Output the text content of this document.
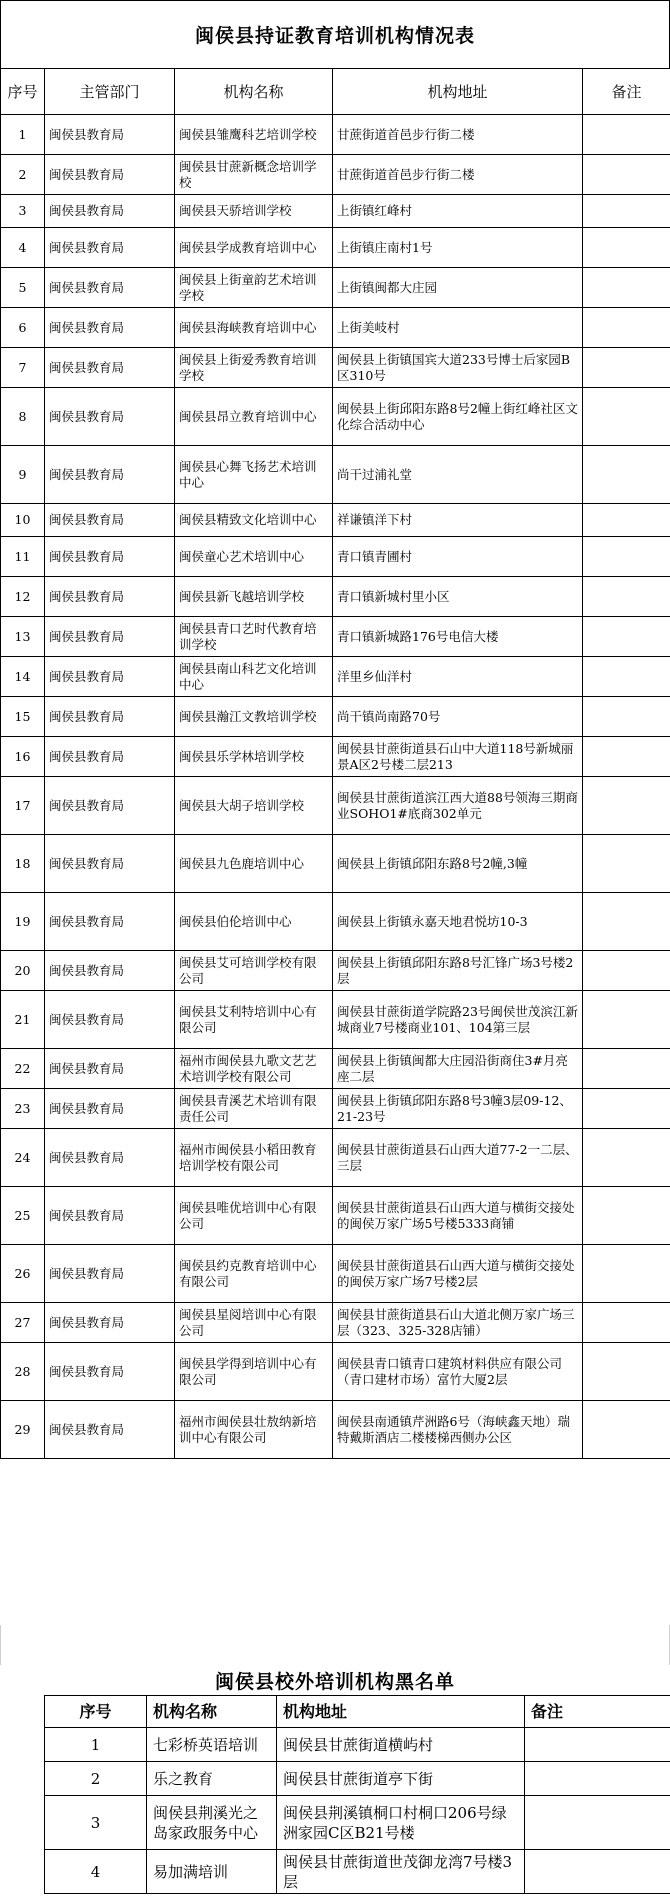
闽侯县持证教育培训机构情况表
序号	主管部门	机构名称	机构地址	备注
1	闽侯县教育局	闽侯县雏鹰科艺培训学校	甘蔗街道首邑步行街二楼	
2	闽侯县教育局	闽侯县甘蔗新概念培训学校	甘蔗街道首邑步行街二楼	
3	闽侯县教育局	闽侯县天骄培训学校	上街镇红峰村	
4	闽侯县教育局	闽侯县学成教育培训中心	上街镇庄南村1号	
5	闽侯县教育局	闽侯县上街童韵艺术培训学校	上街镇闽都大庄园	
6	闽侯县教育局	闽侯县海峡教育培训中心	上街美岐村	
7	闽侯县教育局	闽侯县上街爱秀教育培训学校	闽侯县上街镇国宾大道233号博士后家园B区310号	
8	闽侯县教育局	闽侯县昂立教育培训中心	闽侯县上街邱阳东路8号2幢上街红峰社区文化综合活动中心	
9	闽侯县教育局	闽侯县心舞飞扬艺术培训中心	尚干过浦礼堂	
10	闽侯县教育局	闽侯县精致文化培训中心	祥谦镇洋下村	
11	闽侯县教育局	闽侯童心艺术培训中心	青口镇青圃村	
12	闽侯县教育局	闽侯县新飞越培训学校	青口镇新城村里小区	
13	闽侯县教育局	闽侯县青口艺时代教育培训学校	青口镇新城路176号电信大楼	
14	闽侯县教育局	闽侯县南山科艺文化培训中心	洋里乡仙洋村	
15	闽侯县教育局	闽侯县瀚江文教培训学校	尚干镇尚南路70号	
16	闽侯县教育局	闽侯县乐学林培训学校	闽侯县甘蔗街道县石山中大道118号新城丽景A区2号楼二层213	
17	闽侯县教育局	闽侯县大胡子培训学校	闽侯县甘蔗街道滨江西大道88号领海三期商业SOHO1#底商302单元	
18	闽侯县教育局	闽侯县九色鹿培训中心	闽侯县上街镇邱阳东路8号2幢,3幢	
19	闽侯县教育局	闽侯县伯伦培训中心	闽侯县上街镇永嘉天地君悦坊10-3	
20	闽侯县教育局	闽侯县艾可培训学校有限公司	闽侯县上街镇邱阳东路8号汇锋广场3号楼2层	
21	闽侯县教育局	闽侯县艾利特培训中心有限公司	闽侯县甘蔗街道学院路23号闽侯世茂滨江新城商业7号楼商业101、104第三层	
22	闽侯县教育局	福州市闽侯县九歌文艺艺术培训学校有限公司	闽侯县上街镇闽都大庄园沿街商住3#月亮座二层	
23	闽侯县教育局	闽侯县青溪艺术培训有限责任公司	闽侯县上街镇邱阳东路8号3幢3层09-12、21-23号	
24	闽侯县教育局	福州市闽侯县小稻田教育培训学校有限公司	闽侯县甘蔗街道县石山西大道77-2一二层、三层	
25	闽侯县教育局	闽侯县唯优培训中心有限公司	闽侯县甘蔗街道县石山西大道与横街交接处的闽侯万家广场5号楼5333商铺	
26	闽侯县教育局	闽侯县约克教育培训中心有限公司	闽侯县甘蔗街道县石山西大道与横街交接处的闽侯万家广场7号楼2层	
27	闽侯县教育局	闽侯县星阅培训中心有限公司	闽侯县甘蔗街道县石山大道北侧万家广场三层（323、325-328店铺）	
28	闽侯县教育局	闽侯县学得到培训中心有限公司	闽侯县青口镇青口建筑材料供应有限公司（青口建材市场）富竹大厦2层	
29	闽侯县教育局	福州市闽侯县壮敖纳新培训中心有限公司	闽侯县南通镇芹洲路6号（海峡鑫天地）瑞特戴斯酒店二楼楼梯西侧办公区	
闽侯县校外培训机构黑名单
序号	机构名称	机构地址	备注
1	七彩桥英语培训	闽侯县甘蔗街道横屿村	
2	乐之教育	闽侯县甘蔗街道亭下街	
3	闽侯县荆溪光之岛家政服务中心	闽侯县荆溪镇桐口村桐口206号绿洲家园C区B21号楼	
4	易加满培训	闽侯县甘蔗街道世茂御龙湾7号楼3层	
